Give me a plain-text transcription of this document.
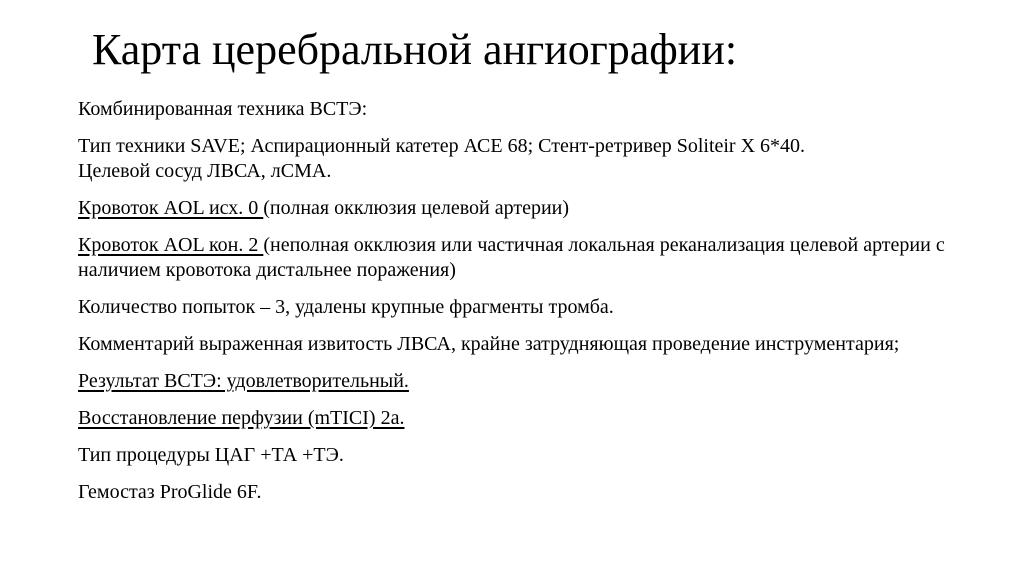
Карта церебральной ангиографии:
Комбинированная техника ВСТЭ:
Тип техники SAVE; Аспирационный катетер АСЕ 68; Стент-ретривер Soliteir X 6*40.
Целевой сосуд ЛВСА, лСМА.
Кровоток AOL исх. 0 (полная окклюзия целевой артерии)
Кровоток AOL кон. 2 (неполная окклюзия или частичная локальная реканализация целевой артерии с наличием кровотока дистальнее поражения)
Количество попыток – 3, удалены крупные фрагменты тромба.
Комментарий выраженная извитость ЛВСА, крайне затрудняющая проведение инструментария;
Результат ВСТЭ: удовлетворительный.
Восстановление перфузии (mTICI) 2a.
Тип процедуры ЦАГ +ТА +ТЭ.
Гемостаз ProGlide 6F.
